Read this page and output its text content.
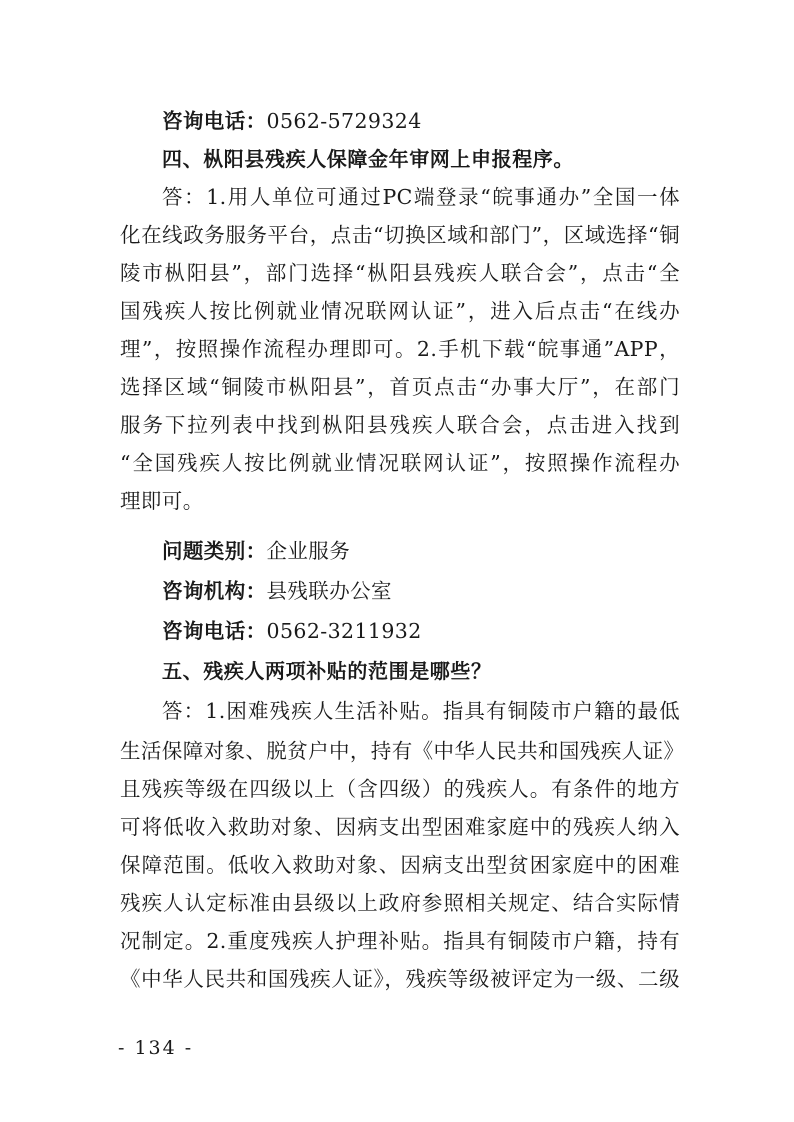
咨询电话：0562-5729324
四、枞阳县残疾人保障金年审网上申报程序。
答：1.用人单位可通过PC端登录“皖事通办”全国一体
化在线政务服务平台，点击“切换区域和部门”，区域选择“铜
陵市枞阳县”，部门选择“枞阳县残疾人联合会”，点击“全
国残疾人按比例就业情况联网认证”，进入后点击“在线办
理”，按照操作流程办理即可。2.手机下载“皖事通”APP，
选择区域“铜陵市枞阳县”，首页点击“办事大厅”，在部门
服务下拉列表中找到枞阳县残疾人联合会，点击进入找到
“全国残疾人按比例就业情况联网认证”，按照操作流程办
理即可。
问题类别：企业服务
咨询机构：县残联办公室
咨询电话：0562-3211932
五、残疾人两项补贴的范围是哪些？
答：1.困难残疾人生活补贴。指具有铜陵市户籍的最低
生活保障对象、脱贫户中，持有《中华人民共和国残疾人证》
且残疾等级在四级以上（含四级）的残疾人。有条件的地方
可将低收入救助对象、因病支出型困难家庭中的残疾人纳入
保障范围。低收入救助对象、因病支出型贫困家庭中的困难
残疾人认定标准由县级以上政府参照相关规定、结合实际情
况制定。2.重度残疾人护理补贴。指具有铜陵市户籍，持有
《中华人民共和国残疾人证》，残疾等级被评定为一级、二级
- 134 -
